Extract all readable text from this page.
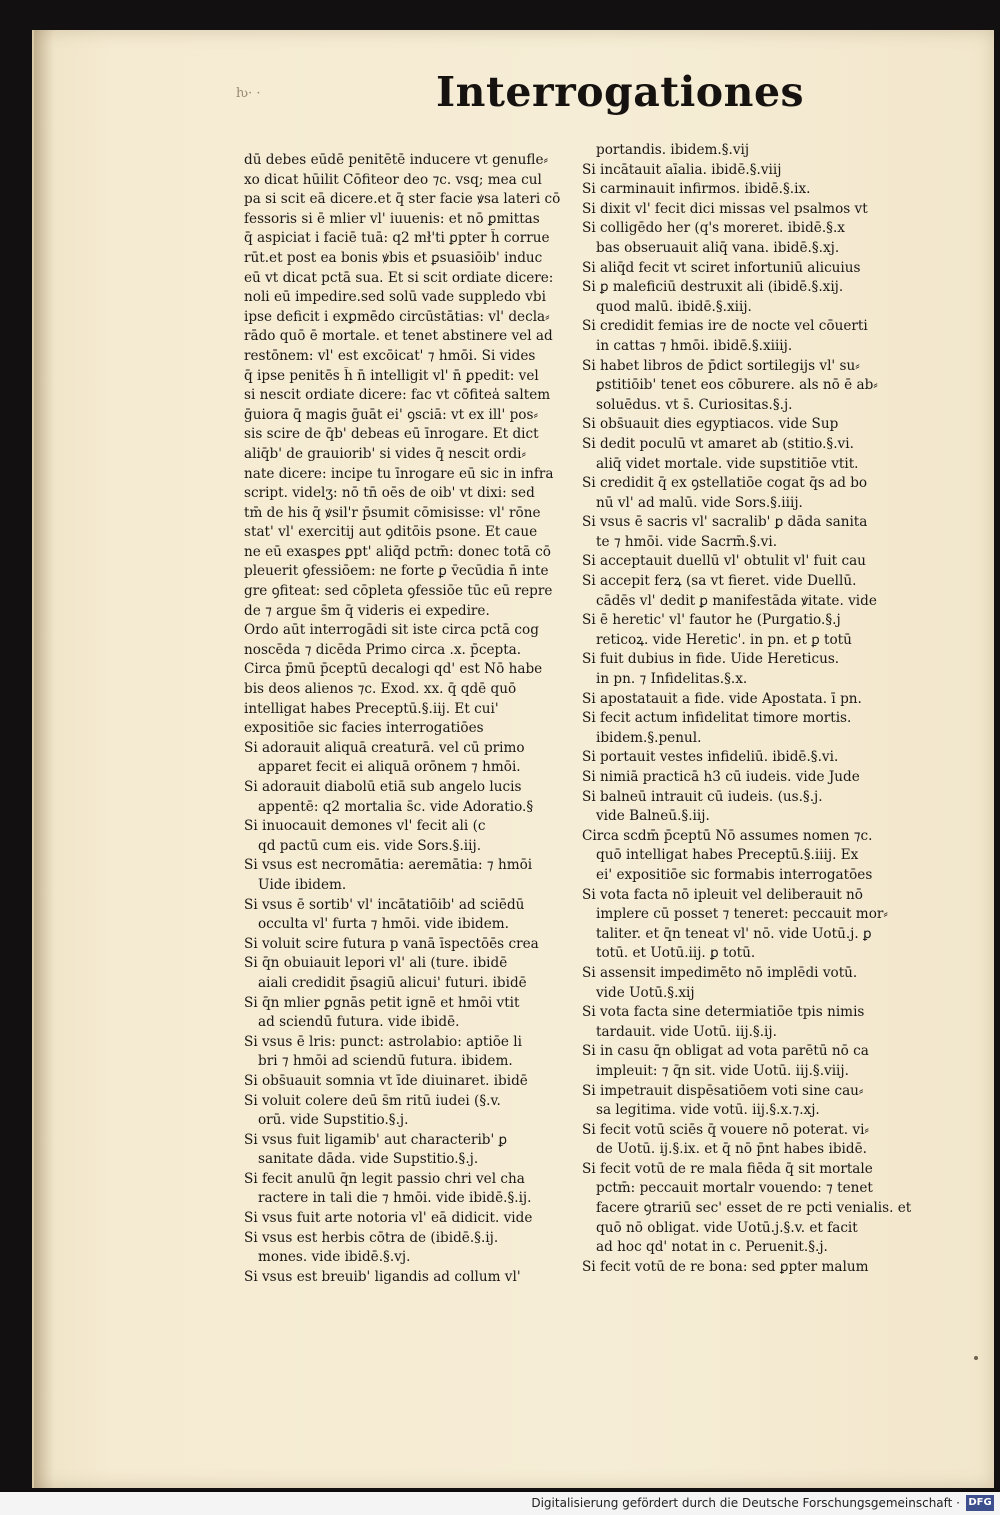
ƕ· ·	Interrogationes
dū debes eūdē penitētē inducere vt genufle⸗
xo dicat hūilit Cōfiteor deo ⁊c. vsq; mea cul
pa si scit eā dicere.et q̄ ster facie ꝟsa lateri cō
fessoris si ē mlier vl' iuuenis: et nō ꝑmittas
q̄ aspiciat i faciē tuā: q2 mł'ti ꝑpter h̄ corrue
rūt.et post ea bonis ꝟbis et ꝑsuasiōib' induc
eū vt dicat pctā sua. Et si scit ordiate dicere:
noli eū impedire.sed solū vade suppledo vbi
ipse deficit i exꝑmēdo circūstātias: vl' decla⸗
rādo quō ē mortale. et tenet abstinere vel ad
restōnem: vl' est excōicat' ⁊ hmōi. Si vides
q̄ ipse penitēs h̄ n̄ intelligit vl' n̄ ꝑpedit: vel
si nescit ordiate dicere: fac vt cōfitea̍ saltem
ḡuiora q̄ magis ḡuāt ei' ꝯsciā: vt ex ill' pos⸗
sis scire de q̄b' debeas eū īnrogare. Et dict
aliq̄b' de grauiorib' si vides q̄ nescit ordi⸗
nate dicere: incipe tu īnrogare eū sic in infra
script. videlʒ: nō tn̄ oēs de oib' vt dixi: sed
tm̄ de his q̄ ꝟsil'r p̄sumit cōmisisse: vl' rōne
stat' vl' exercitij aut ꝯditōis psone. Et caue
ne eū exasꝑes ꝑpt' aliq̄d pctm̄: donec totā cō
pleuerit ꝯfessiōem: ne forte ꝑ v̄ecūdia n̄ inte
gre ꝯfiteat: sed cōpleta ꝯfessiōe tūc eū repre
de ⁊ argue s̄m q̄ videris ei expedire.
Ordo aūt interrogādi sit iste circa pctā cog
noscēda ⁊ dicēda Primo circa .x. p̄cepta.
Circa p̄mū p̄ceptū decalogi qd' est Nō habe
bis deos alienos ⁊c. Exod. xx. q̄ qdē quō
intelligat habes Preceptū.§.iij. Et cui'
expositiōe sic facies interrogatiōes
Si adorauit aliquā creaturā. vel cū primo
apparet fecit ei aliquā orōnem ⁊ hmōi.
Si adorauit diabolū etiā sub angelo lucis
appentē: q2 mortalia s̄c. vide Adoratio.§
Si inuocauit demones vl' fecit ali (c
qd pactū cum eis. vide Sors.§.iij.
Si vsus est necromātia: aeremātia: ⁊ hmōi
Uide ibidem.
Si vsus ē sortib' vl' incātatiōib' ad sciēdū
occulta vl' furta ⁊ hmōi. vide ibidem.
Si voluit scire futura p vanā īspectōēs crea
Si q̄n obuiauit lepori vl' ali (ture. ibidē
aiali credidit p̄sagiū alicui' futuri. ibidē
Si q̄n mlier ꝑgnās petit ignē et hmōi vtit
ad sciendū futura. vide ibidē.
Si vsus ē lris: punct: astrolabio: aptiōe li
bri ⁊ hmōi ad sciendū futura. ibidem.
Si obs̄uauit somnia vt īde diuinaret. ibidē
Si voluit colere deū s̄m ritū iudei (§.v.
orū. vide Supstitio.§.j.
Si vsus fuit ligamib' aut characterib' ꝑ
sanitate dāda. vide Supstitio.§.j.
Si fecit anulū q̄n legit passio chri vel cha
ractere in tali die ⁊ hmōi. vide ibidē.§.ij.
Si vsus fuit arte notoria vl' eā didicit. vide
Si vsus est herbis cōtra de (ibidē.§.ij.
mones. vide ibidē.§.vj.
Si vsus est breuib' ligandis ad collum vl'
portandis. ibidem.§.vij
Si incātauit aīalia. ibidē.§.viij
Si carminauit infirmos. ibidē.§.ix.
Si dixit vl' fecit dici missas vel psalmos vt
Si colligēdo her (q's moreret. ibidē.§.x
bas obseruauit aliq̄ vana. ibidē.§.xj.
Si aliq̄d fecit vt sciret infortuniū alicuius
Si ꝑ maleficiū destruxit ali (ibidē.§.xij.
quod malū. ibidē.§.xiij.
Si credidit femias ire de nocte vel cōuerti
in cattas ⁊ hmōi. ibidē.§.xiiij.
Si habet libros de p̄dict sortilegijs vl' su⸗
ꝑstitiōib' tenet eos cōburere. als nō ē ab⸗
soluēdus. vt s̄. Curiositas.§.j.
Si obs̄uauit dies egyptiacos. vide Sup
Si dedit poculū vt amaret ab (stitio.§.vi.
aliq̄ videt mortale. vide supstitiōe vtit.
Si credidit q̄ ex ꝯstellatiōe cogat q̄s ad bo
nū vl' ad malū. vide Sors.§.iiij.
Si vsus ē sacris vl' sacralib' ꝑ dāda sanita
te ⁊ hmōi. vide Sacrm̄.§.vi.
Si acceptauit duellū vl' obtulit vl' fuit cau
Si accepit ferꝝ (sa vt fieret. vide Duellū.
cādēs vl' dedit ꝑ manifestāda ꝟitate. vide
Si ē heretic' vl' fautor he (Purgatio.§.j
reticoꝝ. vide Heretic'. in pn. et ꝑ totū
Si fuit dubius in fide. Uide Hereticus.
in pn. ⁊ Infidelitas.§.x.
Si apostatauit a fide. vide Apostata. ī pn.
Si fecit actum infidelitat timore mortis.
ibidem.§.penul.
Si portauit vestes infideliū. ibidē.§.vi.
Si nimiā practicā h3 cū iudeis. vide Jude
Si balneū intrauit cū iudeis. (us.§.j.
vide Balneū.§.iij.
Circa scdm̄ p̄ceptū Nō assumes nomen ⁊c.
quō intelligat habes Preceptū.§.iiij. Ex
ei' expositiōe sic formabis interrogatōes
Si vota facta nō ipleuit vel deliberauit nō
implere cū posset ⁊ teneret: peccauit mor⸗
taliter. et q̄n teneat vl' nō. vide Uotū.j. ꝑ
totū. et Uotū.iij. ꝑ totū.
Si assensit impedimēto nō implēdi votū.
vide Uotū.§.xij
Si vota facta sine determiatiōe tpis nimis
tardauit. vide Uotū. iij.§.ij.
Si in casu q̄n obligat ad vota parētū nō ca
impleuit: ⁊ q̄n sit. vide Uotū. iij.§.viij.
Si impetrauit dispēsatiōem voti sine cau⸗
sa legitima. vide votū. iij.§.x.⁊.xj.
Si fecit votū sciēs q̄ vouere nō poterat. vi⸗
de Uotū. ij.§.ix. et q̄ nō p̄nt habes ibidē.
Si fecit votū de re mala fiēda q̄ sit mortale
pctm̄: peccauit mortalr vouendo: ⁊ tenet
facere ꝯtrariū sec' esset de re pcti venialis. et
quō nō obligat. vide Uotū.j.§.v. et facit
ad hoc qd' notat in c. Peruenit.§.j.
Si fecit votū de re bona: sed ꝑpter malum
Digitalisierung gefördert durch die Deutsche Forschungsgemeinschaft · DFG
